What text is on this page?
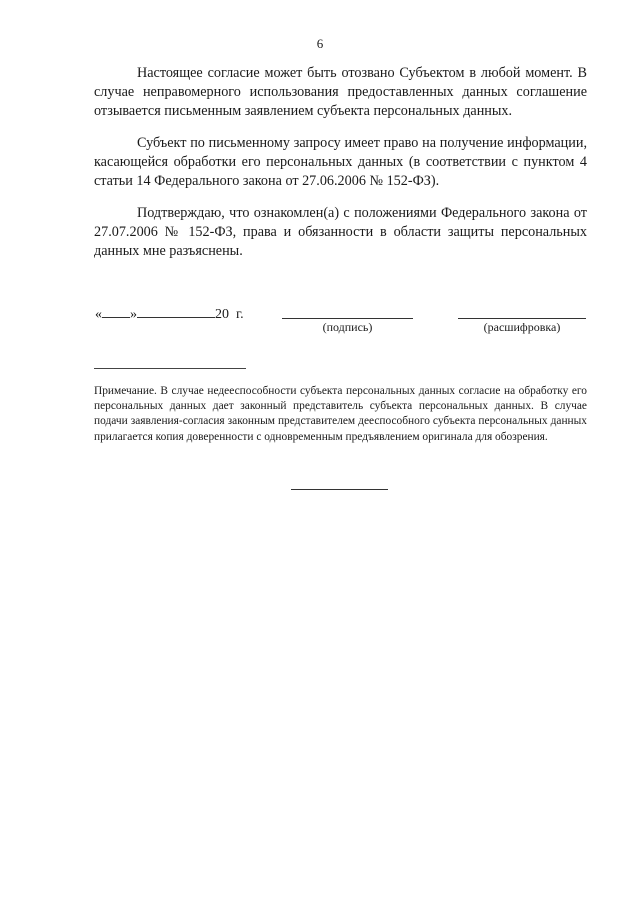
6

Настоящее согласие может быть отозвано Субъектом в любой момент. В случае неправомерного использования предоставленных данных соглашение отзывается письменным заявлением субъекта персональных данных.

Субъект по письменному запросу имеет право на получение информации, касающейся обработки его персональных данных (в соответствии с пунктом 4 статьи 14 Федерального закона от 27.06.2006 № 152-ФЗ).

Подтверждаю, что ознакомлен(а) с положениями Федерального закона от 27.07.2006 № 152-ФЗ, права и обязанности в области защиты персональных данных мне разъяснены.

« »	20 г.
(подпись)	(расшифровка)

Примечание. В случае недееспособности субъекта персональных данных согласие на обработку его персональных данных дает законный представитель субъекта персональных данных. В случае подачи заявления-согласия законным представителем дееспособного субъекта персональных данных прилагается копия доверенности с одновременным предъявлением оригинала для обозрения.
